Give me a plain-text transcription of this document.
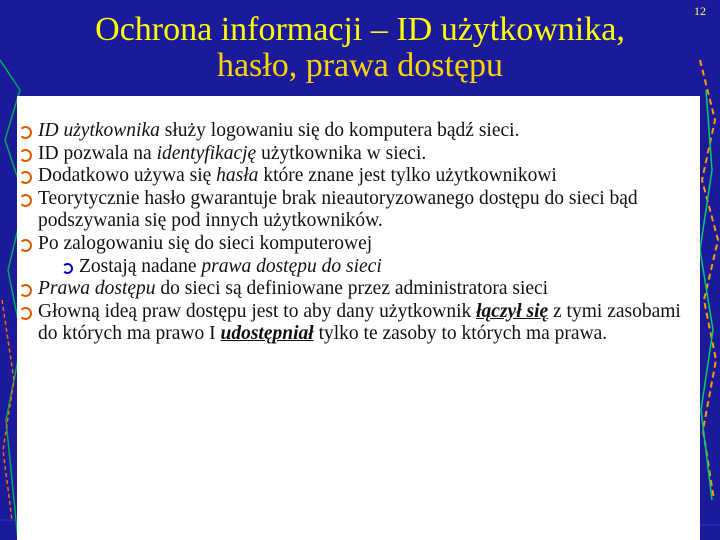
Ochrona informacji – ID użytkownika,
hasło, prawa dostępu
12
ID użytkownika służy logowaniu się do komputera bądź sieci.
ID pozwala na identyfikację użytkownika w sieci.
Dodatkowo używa się hasła które znane jest tylko użytkownikowi
Teorytycznie hasło gwarantuje brak nieautoryzowanego dostępu do sieci bąd podszywania się pod innych użytkowników.
Po zalogowaniu się do sieci komputerowej
Zostają nadane prawa dostępu do sieci
Prawa dostępu do sieci są definiowane przez administratora sieci
Głowną ideą praw dostępu jest to aby dany użytkownik łączył się z tymi zasobami do których ma prawo I udostępniał tylko te zasoby to których ma prawa.
